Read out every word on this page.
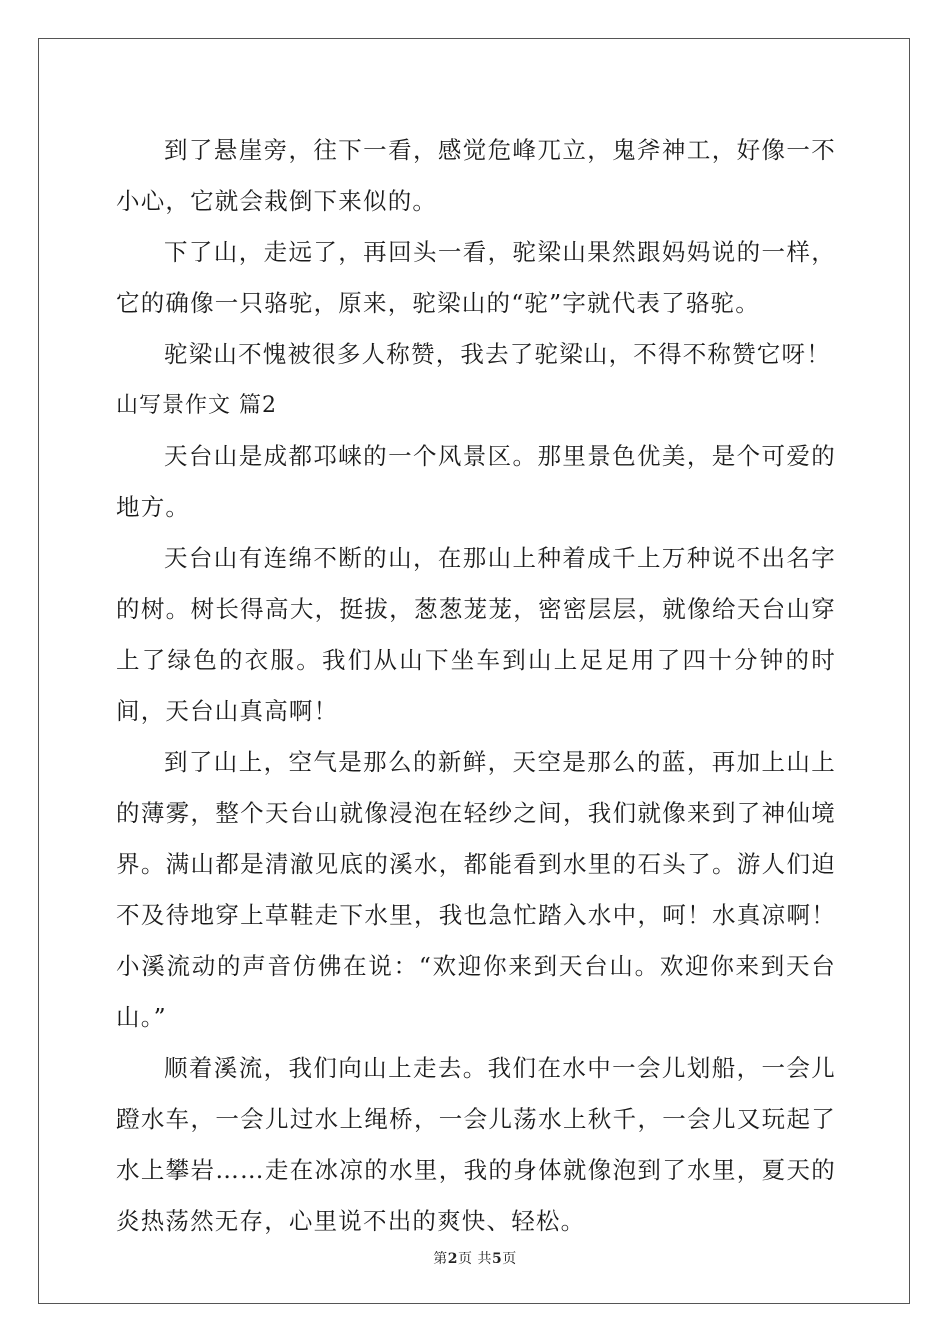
到了悬崖旁，往下一看，感觉危峰兀立，鬼斧神工，好像一不小心，它就会栽倒下来似的。

下了山，走远了，再回头一看，驼梁山果然跟妈妈说的一样，它的确像一只骆驼，原来，驼梁山的“驼”字就代表了骆驼。

驼梁山不愧被很多人称赞，我去了驼梁山，不得不称赞它呀！

山写景作文 篇2

天台山是成都邛崃的一个风景区。那里景色优美，是个可爱的地方。

天台山有连绵不断的山，在那山上种着成千上万种说不出名字的树。树长得高大，挺拔，葱葱茏茏，密密层层，就像给天台山穿上了绿色的衣服。我们从山下坐车到山上足足用了四十分钟的时间，天台山真高啊！

到了山上，空气是那么的新鲜，天空是那么的蓝，再加上山上的薄雾，整个天台山就像浸泡在轻纱之间，我们就像来到了神仙境界。满山都是清澈见底的溪水，都能看到水里的石头了。游人们迫不及待地穿上草鞋走下水里，我也急忙踏入水中，呵！水真凉啊！小溪流动的声音仿佛在说：“欢迎你来到天台山。欢迎你来到天台山。”

顺着溪流，我们向山上走去。我们在水中一会儿划船，一会儿蹬水车，一会儿过水上绳桥，一会儿荡水上秋千，一会儿又玩起了水上攀岩……走在冰凉的水里，我的身体就像泡到了水里，夏天的炎热荡然无存，心里说不出的爽快、轻松。

第2页 共5页
